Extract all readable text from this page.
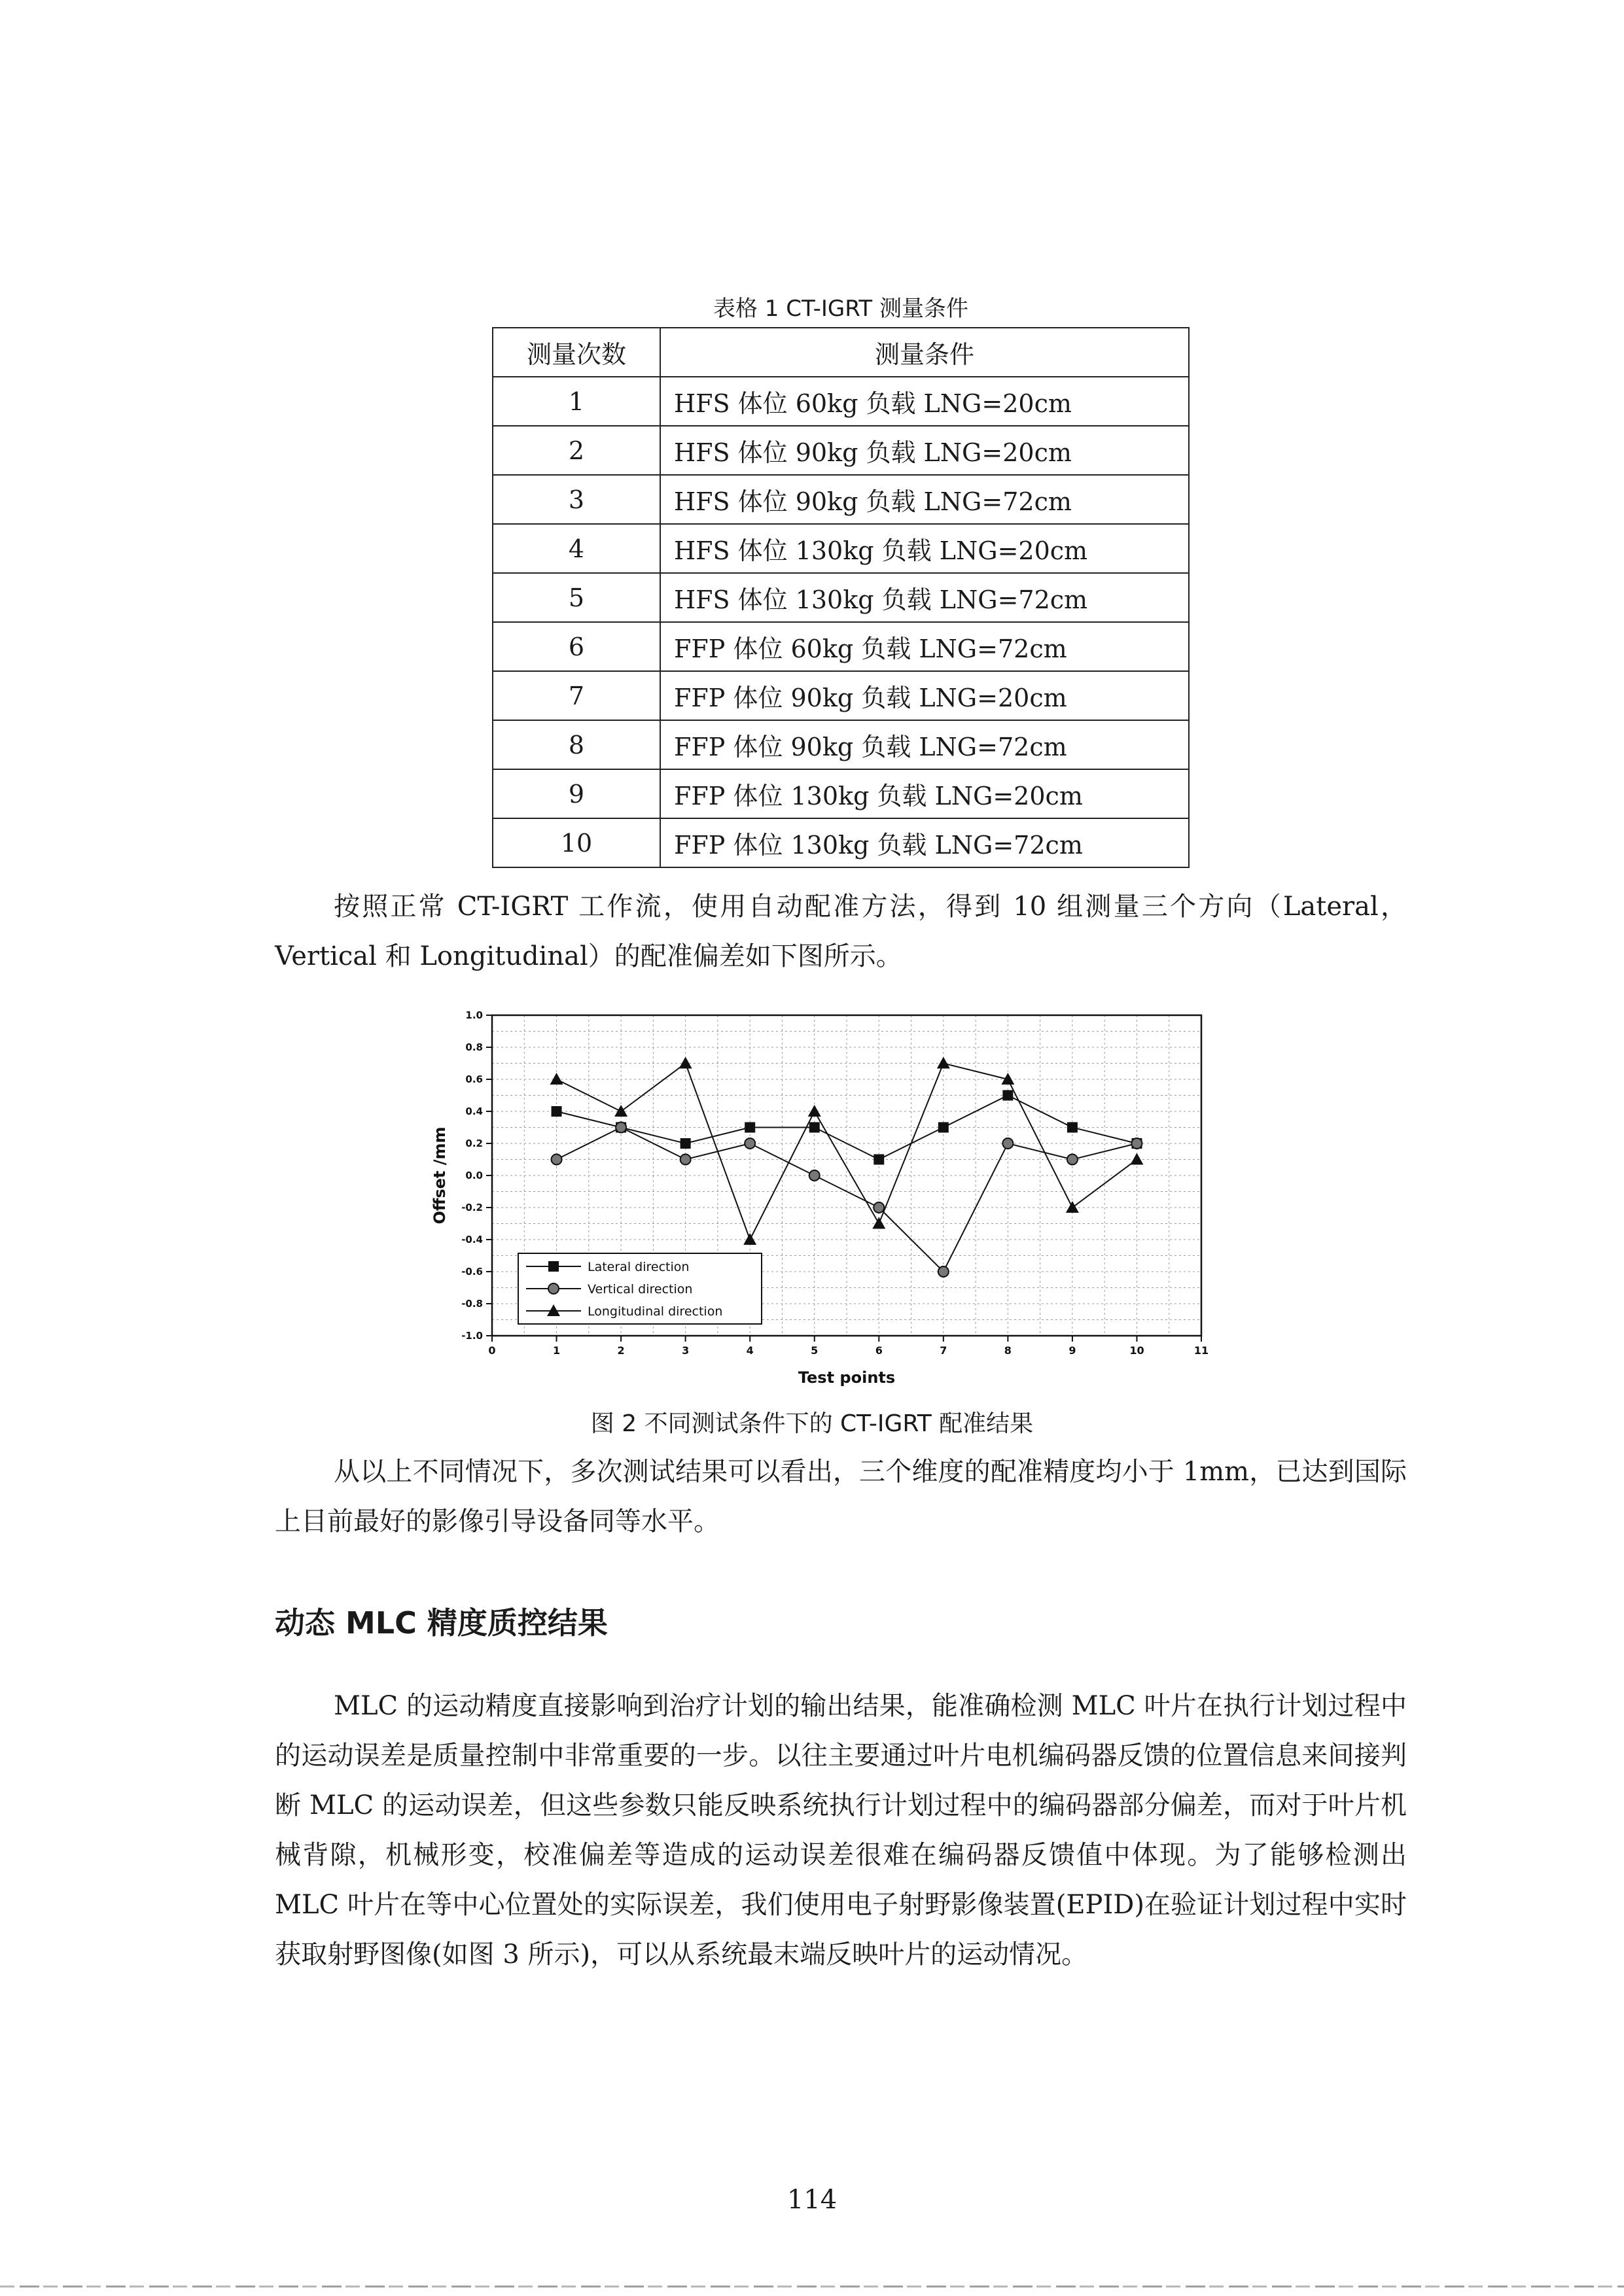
表格 1 CT-IGRT 测量条件
测量次数	测量条件
1	HFS 体位 60kg 负载 LNG=20cm
2	HFS 体位 90kg 负载 LNG=20cm
3	HFS 体位 90kg 负载 LNG=72cm
4	HFS 体位 130kg 负载 LNG=20cm
5	HFS 体位 130kg 负载 LNG=72cm
6	FFP 体位 60kg 负载 LNG=72cm
7	FFP 体位 90kg 负载 LNG=20cm
8	FFP 体位 90kg 负载 LNG=72cm
9	FFP 体位 130kg 负载 LNG=20cm
10	FFP 体位 130kg 负载 LNG=72cm

按照正常 CT-IGRT 工作流，使用自动配准方法，得到 10 组测量三个方向（Lateral，Vertical 和 Longitudinal）的配准偏差如下图所示。

0	1	2	3	4	5	6	7	8	9	10	11
-1.0
-0.8
-0.6
-0.4
-0.2
0.0
0.2
0.4
0.6
0.8
1.0
Test points
Offset /mm
Lateral direction
Vertical direction
Longitudinal direction
图 2 不同测试条件下的 CT-IGRT 配准结果

从以上不同情况下，多次测试结果可以看出，三个维度的配准精度均小于 1mm，已达到国际上目前最好的影像引导设备同等水平。

动态 MLC 精度质控结果

MLC 的运动精度直接影响到治疗计划的输出结果，能准确检测 MLC 叶片在执行计划过程中的运动误差是质量控制中非常重要的一步。以往主要通过叶片电机编码器反馈的位置信息来间接判断 MLC 的运动误差，但这些参数只能反映系统执行计划过程中的编码器部分偏差，而对于叶片机械背隙，机械形变，校准偏差等造成的运动误差很难在编码器反馈值中体现。为了能够检测出 MLC 叶片在等中心位置处的实际误差，我们使用电子射野影像装置(EPID)在验证计划过程中实时获取射野图像(如图 3 所示)，可以从系统最末端反映叶片的运动情况。

114
